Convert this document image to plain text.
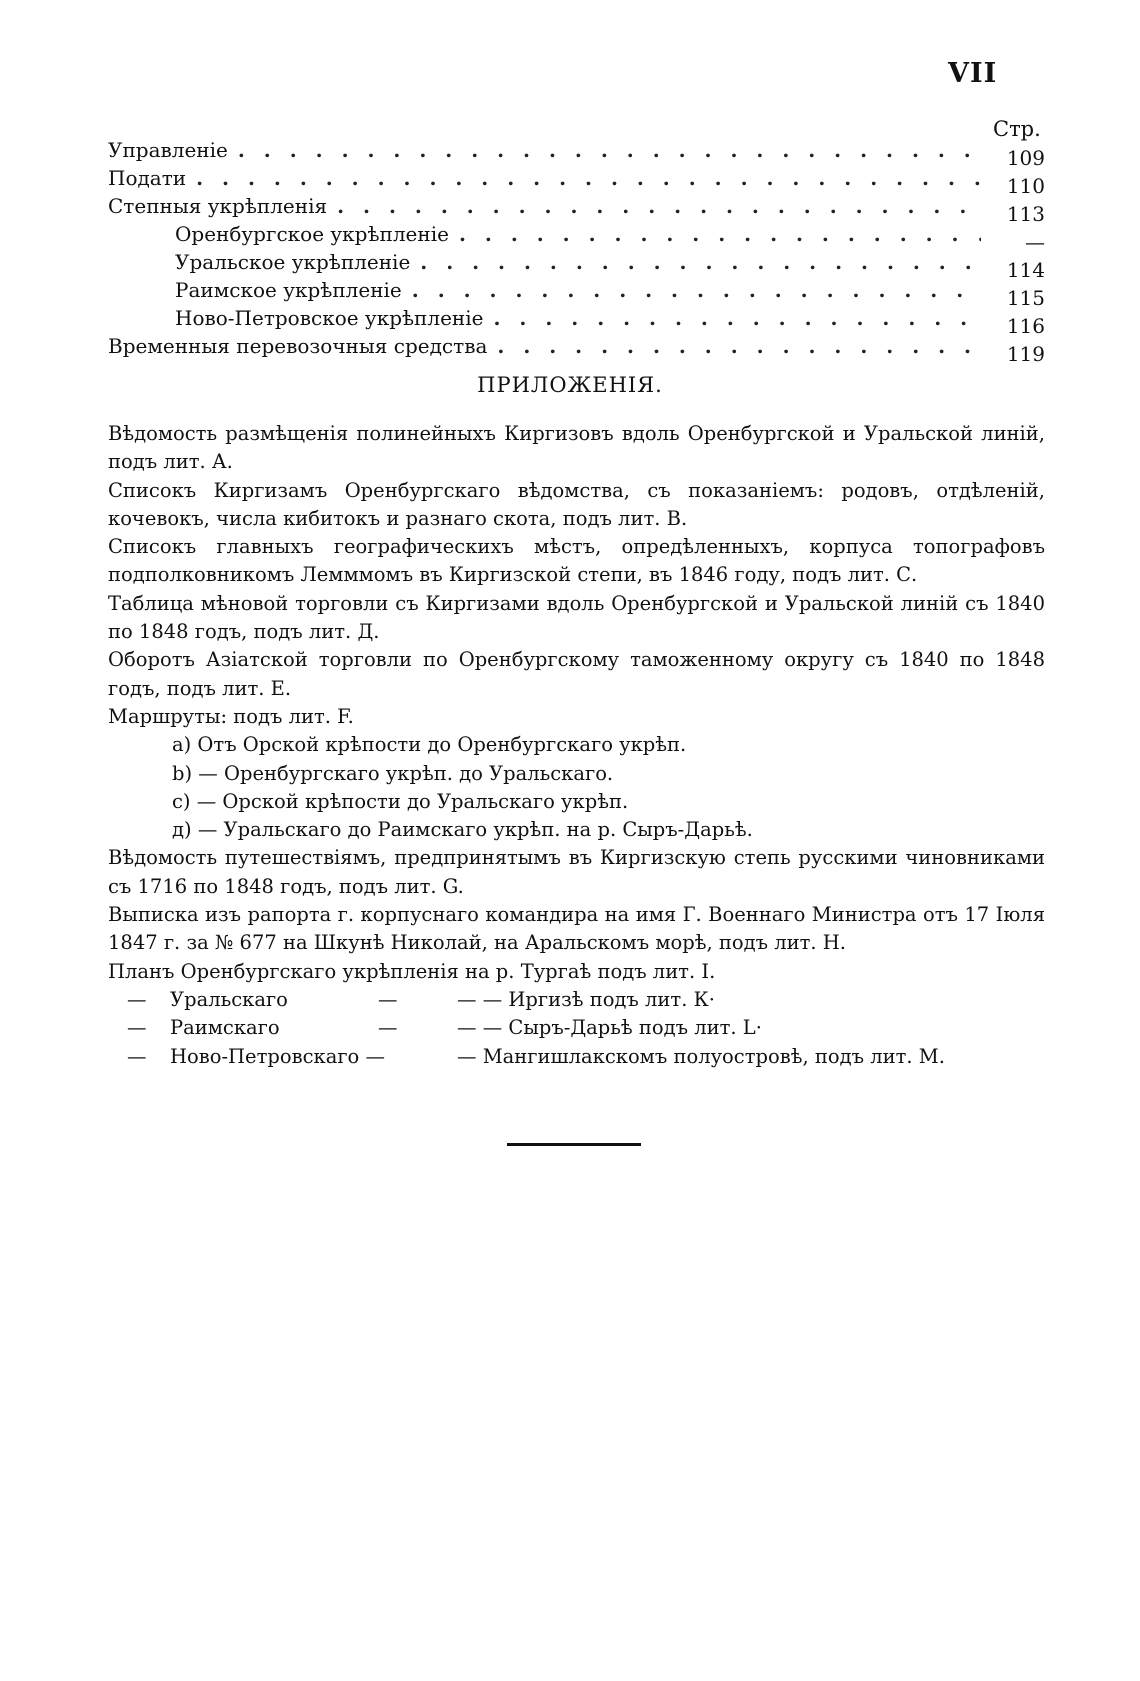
VII
Стр.
Управленіе . . .	109
Подати . . .	110
Степныя укрѣпленія . . .	113
Оренбургское укрѣпленіе . . .	—
Уральское укрѣпленіе . . .	114
Раимское укрѣпленіе . . .	115
Ново-Петровское укрѣпленіе . . .	116
Временныя перевозочныя средства . . .	119
ПРИЛОЖЕНІЯ.

Вѣдомость размѣщенія полинейныхъ Киргизовъ вдоль Оренбургской и Уральской линій, подъ лит. А.

Списокъ Киргизамъ Оренбургскаго вѣдомства, съ показаніемъ: родовъ, отдѣленій, кочевокъ, числа кибитокъ и разнаго скота, подъ лит. В.

Списокъ главныхъ географическихъ мѣстъ, опредѣленныхъ, корпуса топографовъ подполковникомъ Лемммомъ въ Киргизской степи, въ 1846 году, подъ лит. С.

Таблица мѣновой торговли съ Киргизами вдоль Оренбургской и Уральской линій съ 1840 по 1848 годъ, подъ лит. Д.

Оборотъ Азіатской торговли по Оренбургскому таможенному округу съ 1840 по 1848 годъ, подъ лит. Е.

Маршруты: подъ лит. F.

а) Отъ Орской крѣпости до Оренбургскаго укрѣп.

b) — Оренбургскаго укрѣп. до Уральскаго.

c) — Орской крѣпости до Уральскаго укрѣп.

д) — Уральскаго до Раимскаго укрѣп. на р. Сыръ-Дарьѣ.

Вѣдомость путешествіямъ, предпринятымъ въ Киргизскую степь русскими чиновниками съ 1716 по 1848 годъ, подъ лит. G.

Выписка изъ рапорта г. корпуснаго командира на имя Г. Военнаго Министра отъ 17 Іюля 1847 г. за № 677 на Шкунѣ Николай, на Аральскомъ морѣ, подъ лит. Н.

Планъ Оренбургскаго укрѣпленія на р. Тургаѣ подъ лит. I.

—	Уральскаго	—	— — Иргизѣ подъ лит. К·
—	Раимскаго	—	— — Сыръ-Дарьѣ подъ лит. L·
—	Ново-Петровскаго —	— Мангишлакскомъ полуостровѣ, подъ лит. М.
